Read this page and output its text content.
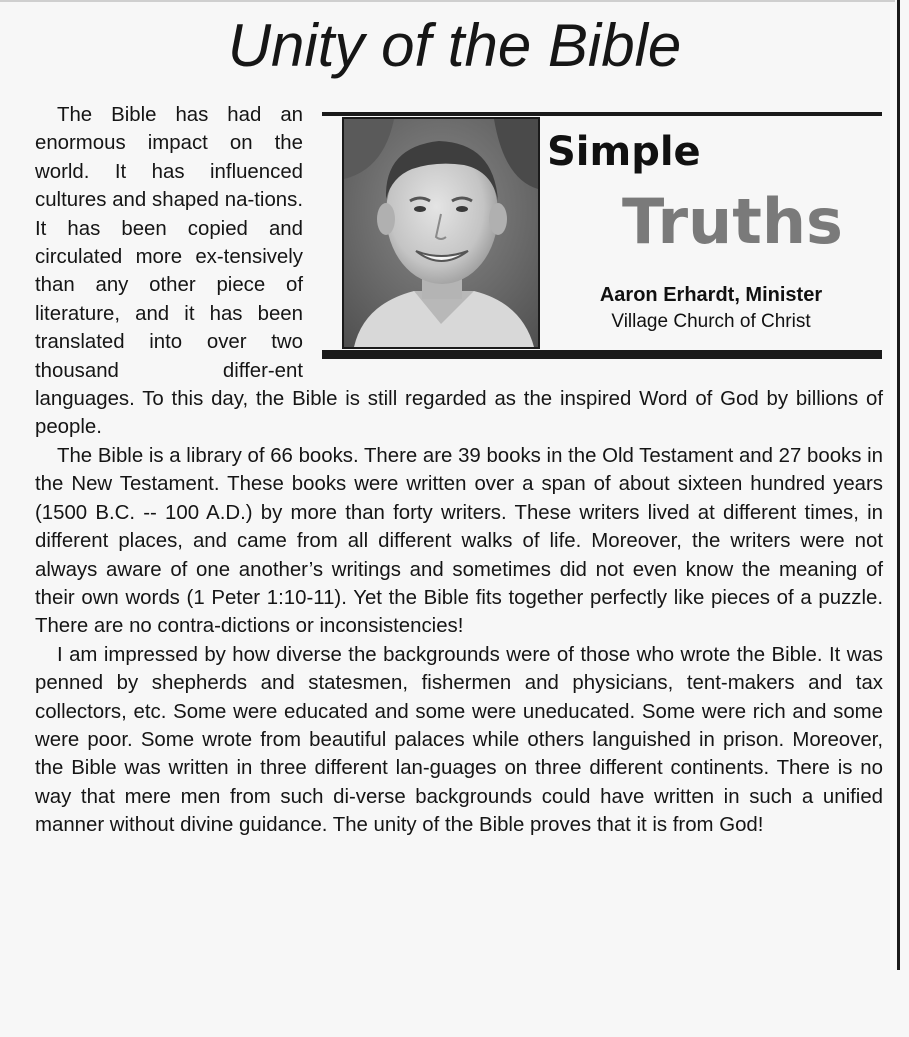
Unity of the Bible
Simple
Truths
Aaron Erhardt, Minister
Village Church of Christ

The Bible has had an enormous impact on the world. It has influenced cultures and shaped na-​tions. It has been copied and circulated more ex-​tensively than any other piece of literature, and it has been translated into over two thousand differ-​ent languages. To this day, the Bible is still regarded as the inspired Word of God by billions of people.

The Bible is a library of 66 books. There are 39 books in the Old Testament and 27 books in the New Testament. These books were written over a span of about sixteen hundred years (1500 B.C. -- 100 A.D.) by more than forty writers. These writers lived at different times, in different places, and came from all different walks of life. Moreover, the writers were not always aware of one another’s writings and sometimes did not even know the meaning of their own words (1 Peter 1:10-11). Yet the Bible fits together perfectly like pieces of a puzzle. There are no contra-​dictions or inconsistencies!

I am impressed by how diverse the backgrounds were of those who wrote the Bible. It was penned by shepherds and statesmen, fishermen and physicians, tent-​makers and tax collectors, etc. Some were educated and some were uneducated. Some were rich and some were poor. Some wrote from beautiful palaces while others languished in prison. Moreover, the Bible was written in three different lan-​guages on three different continents. There is no way that mere men from such di-​verse backgrounds could have written in such a unified manner without divine guidance. The unity of the Bible proves that it is from God!
